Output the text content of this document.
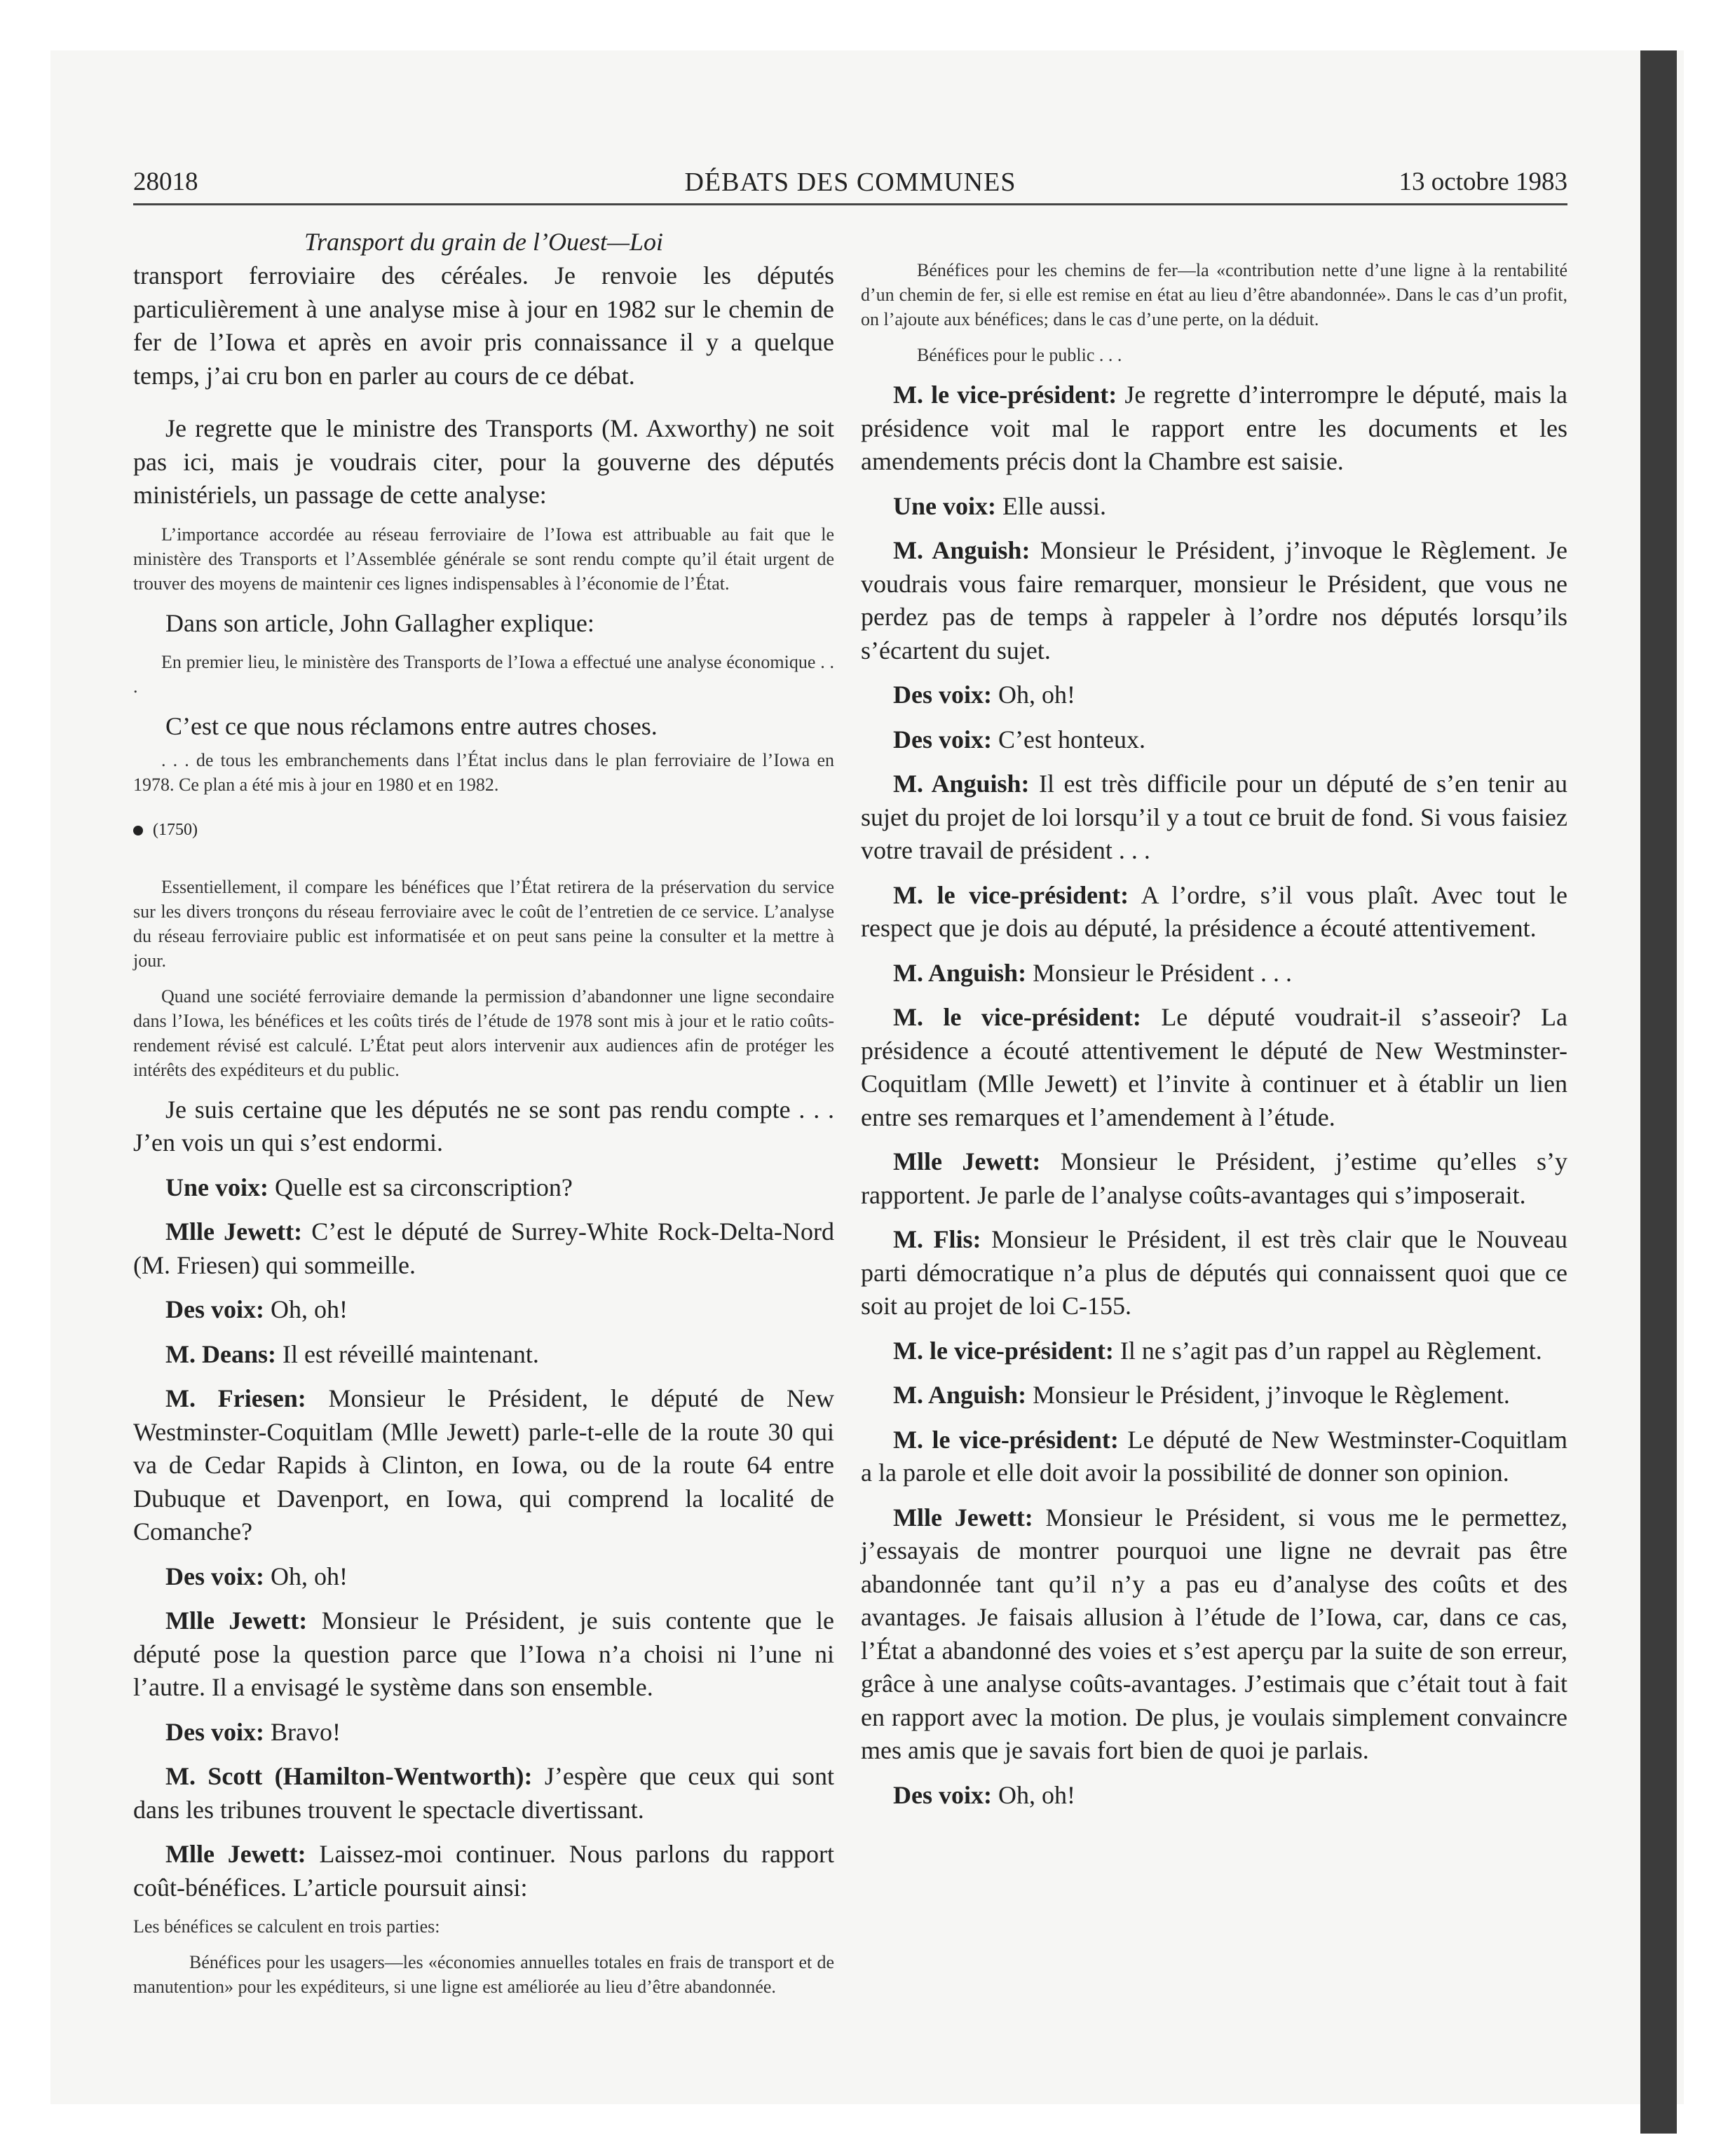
28018	DÉBATS DES COMMUNES	13 octobre 1983
Transport du grain de l’Ouest—Loi

transport ferroviaire des céréales. Je renvoie les députés particulièrement à une analyse mise à jour en 1982 sur le chemin de fer de l’Iowa et après en avoir pris connaissance il y a quelque temps, j’ai cru bon en parler au cours de ce débat.

Je regrette que le ministre des Transports (M. Axworthy) ne soit pas ici, mais je voudrais citer, pour la gouverne des députés ministériels, un passage de cette analyse:

L’importance accordée au réseau ferroviaire de l’Iowa est attribuable au fait que le ministère des Transports et l’Assemblée générale se sont rendu compte qu’il était urgent de trouver des moyens de maintenir ces lignes indispensables à l’économie de l’État.

Dans son article, John Gallagher explique:

En premier lieu, le ministère des Transports de l’Iowa a effectué une analyse économique . . .

C’est ce que nous réclamons entre autres choses.

. . . de tous les embranchements dans l’État inclus dans le plan ferroviaire de l’Iowa en 1978. Ce plan a été mis à jour en 1980 et en 1982.

(1750)

Essentiellement, il compare les bénéfices que l’État retirera de la préservation du service sur les divers tronçons du réseau ferroviaire avec le coût de l’entretien de ce service. L’analyse du réseau ferroviaire public est informatisée et on peut sans peine la consulter et la mettre à jour.

Quand une société ferroviaire demande la permission d’abandonner une ligne secondaire dans l’Iowa, les bénéfices et les coûts tirés de l’étude de 1978 sont mis à jour et le ratio coûts-rendement révisé est calculé. L’État peut alors intervenir aux audiences afin de protéger les intérêts des expéditeurs et du public.

Je suis certaine que les députés ne se sont pas rendu compte . . . J’en vois un qui s’est endormi.

Une voix: Quelle est sa circonscription?

Mlle Jewett: C’est le député de Surrey-White Rock-Delta-Nord (M. Friesen) qui sommeille.

Des voix: Oh, oh!

M. Deans: Il est réveillé maintenant.

M. Friesen: Monsieur le Président, le député de New Westminster-Coquitlam (Mlle Jewett) parle-t-elle de la route 30 qui va de Cedar Rapids à Clinton, en Iowa, ou de la route 64 entre Dubuque et Davenport, en Iowa, qui comprend la localité de Comanche?

Des voix: Oh, oh!

Mlle Jewett: Monsieur le Président, je suis contente que le député pose la question parce que l’Iowa n’a choisi ni l’une ni l’autre. Il a envisagé le système dans son ensemble.

Des voix: Bravo!

M. Scott (Hamilton-Wentworth): J’espère que ceux qui sont dans les tribunes trouvent le spectacle divertissant.

Mlle Jewett: Laissez-moi continuer. Nous parlons du rapport coût-bénéfices. L’article poursuit ainsi:

Les bénéfices se calculent en trois parties:

Bénéfices pour les usagers—les «économies annuelles totales en frais de transport et de manutention» pour les expéditeurs, si une ligne est améliorée au lieu d’être abandonnée.

Bénéfices pour les chemins de fer—la «contribution nette d’une ligne à la rentabilité d’un chemin de fer, si elle est remise en état au lieu d’être abandonnée». Dans le cas d’un profit, on l’ajoute aux bénéfices; dans le cas d’une perte, on la déduit.

Bénéfices pour le public . . .

M. le vice-président: Je regrette d’interrompre le député, mais la présidence voit mal le rapport entre les documents et les amendements précis dont la Chambre est saisie.

Une voix: Elle aussi.

M. Anguish: Monsieur le Président, j’invoque le Règlement. Je voudrais vous faire remarquer, monsieur le Président, que vous ne perdez pas de temps à rappeler à l’ordre nos députés lorsqu’ils s’écartent du sujet.

Des voix: Oh, oh!

Des voix: C’est honteux.

M. Anguish: Il est très difficile pour un député de s’en tenir au sujet du projet de loi lorsqu’il y a tout ce bruit de fond. Si vous faisiez votre travail de président . . .

M. le vice-président: A l’ordre, s’il vous plaît. Avec tout le respect que je dois au député, la présidence a écouté attentivement.

M. Anguish: Monsieur le Président . . .

M. le vice-président: Le député voudrait-il s’asseoir? La présidence a écouté attentivement le député de New Westminster-Coquitlam (Mlle Jewett) et l’invite à continuer et à établir un lien entre ses remarques et l’amendement à l’étude.

Mlle Jewett: Monsieur le Président, j’estime qu’elles s’y rapportent. Je parle de l’analyse coûts-avantages qui s’imposerait.

M. Flis: Monsieur le Président, il est très clair que le Nouveau parti démocratique n’a plus de députés qui connaissent quoi que ce soit au projet de loi C-155.

M. le vice-président: Il ne s’agit pas d’un rappel au Règlement.

M. Anguish: Monsieur le Président, j’invoque le Règlement.

M. le vice-président: Le député de New Westminster-Coquitlam a la parole et elle doit avoir la possibilité de donner son opinion.

Mlle Jewett: Monsieur le Président, si vous me le permettez, j’essayais de montrer pourquoi une ligne ne devrait pas être abandonnée tant qu’il n’y a pas eu d’analyse des coûts et des avantages. Je faisais allusion à l’étude de l’Iowa, car, dans ce cas, l’État a abandonné des voies et s’est aperçu par la suite de son erreur, grâce à une analyse coûts-avantages. J’estimais que c’était tout à fait en rapport avec la motion. De plus, je voulais simplement convaincre mes amis que je savais fort bien de quoi je parlais.

Des voix: Oh, oh!
